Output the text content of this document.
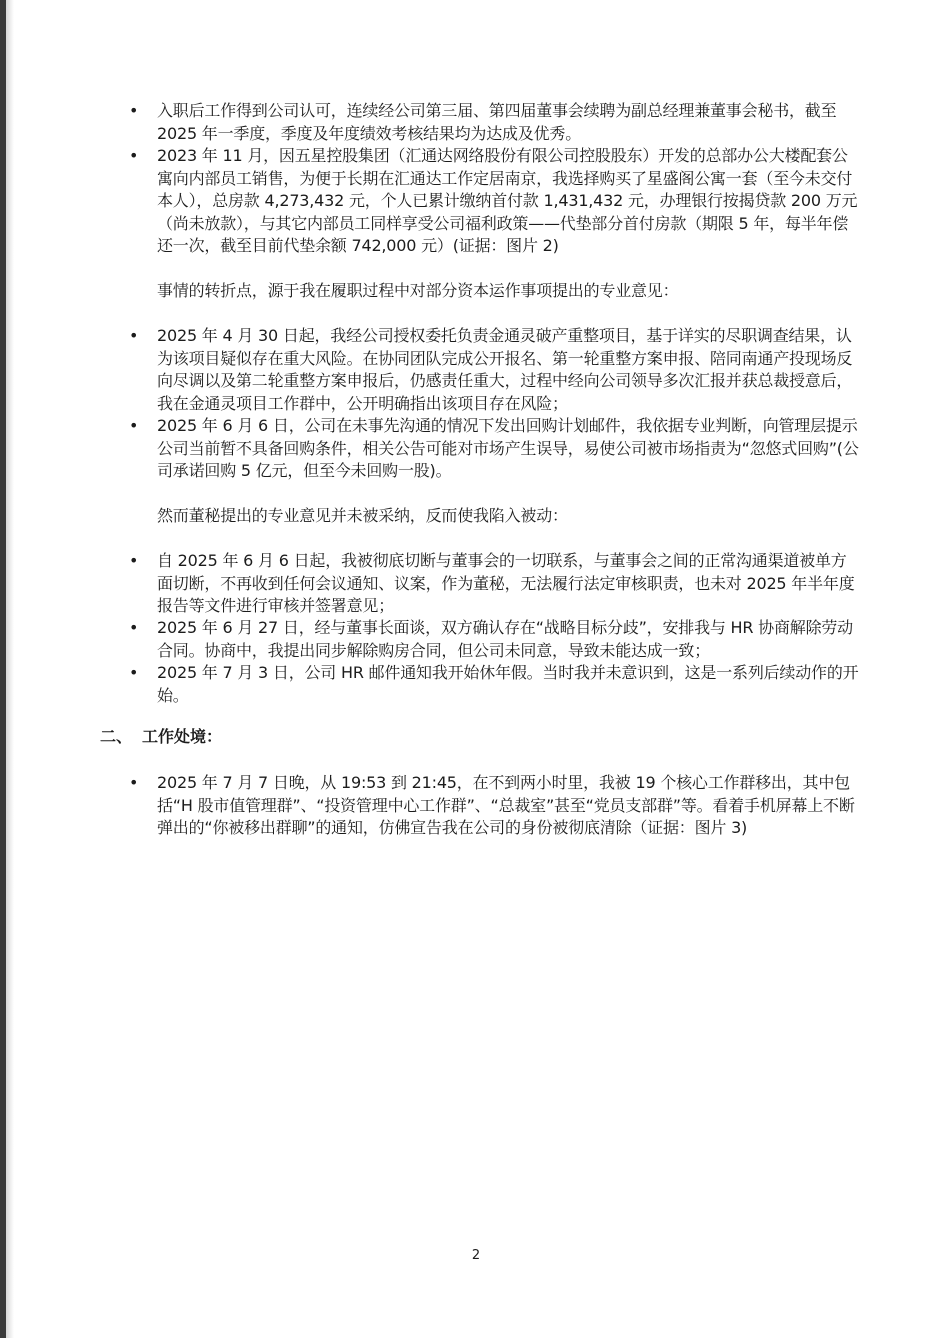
• 入职后工作得到公司认可，连续经公司第三届、第四届董事会续聘为副总经理兼董事会秘书，截至 2025 年一季度，季度及年度绩效考核结果均为达成及优秀。
• 2023 年 11 月，因五星控股集团（汇通达网络股份有限公司控股股东）开发的总部办公大楼配套公寓向内部员工销售，为便于长期在汇通达工作定居南京，我选择购买了星盛阁公寓一套（至今未交付本人），总房款 4,273,432 元，个人已累计缴纳首付款 1,431,432 元，办理银行按揭贷款 200 万元（尚未放款），与其它内部员工同样享受公司福利政策——代垫部分首付房款（期限 5 年，每半年偿还一次，截至目前代垫余额 742,000 元）(证据：图片 2)
事情的转折点，源于我在履职过程中对部分资本运作事项提出的专业意见：
• 2025 年 4 月 30 日起，我经公司授权委托负责金通灵破产重整项目，基于详实的尽职调查结果，认为该项目疑似存在重大风险。在协同团队完成公开报名、第一轮重整方案申报、陪同南通产投现场反向尽调以及第二轮重整方案申报后，仍感责任重大，过程中经向公司领导多次汇报并获总裁授意后，我在金通灵项目工作群中，公开明确指出该项目存在风险；
• 2025 年 6 月 6 日，公司在未事先沟通的情况下发出回购计划邮件，我依据专业判断，向管理层提示公司当前暂不具备回购条件，相关公告可能对市场产生误导，易使公司被市场指责为“忽悠式回购”(公司承诺回购 5 亿元，但至今未回购一股)。
然而董秘提出的专业意见并未被采纳，反而使我陷入被动：
• 自 2025 年 6 月 6 日起，我被彻底切断与董事会的一切联系，与董事会之间的正常沟通渠道被单方面切断，不再收到任何会议通知、议案，作为董秘，无法履行法定审核职责，也未对 2025 年半年度报告等文件进行审核并签署意见；
• 2025 年 6 月 27 日，经与董事长面谈，双方确认存在“战略目标分歧”，安排我与 HR 协商解除劳动合同。协商中，我提出同步解除购房合同，但公司未同意，导致未能达成一致；
• 2025 年 7 月 3 日，公司 HR 邮件通知我开始休年假。当时我并未意识到，这是一系列后续动作的开始。
二、 工作处境：
• 2025 年 7 月 7 日晚，从 19:53 到 21:45，在不到两小时里，我被 19 个核心工作群移出，其中包括“H 股市值管理群”、“投资管理中心工作群”、“总裁室”甚至“党员支部群”等。看着手机屏幕上不断弹出的“你被移出群聊”的通知，仿佛宣告我在公司的身份被彻底清除（证据：图片 3)
2
